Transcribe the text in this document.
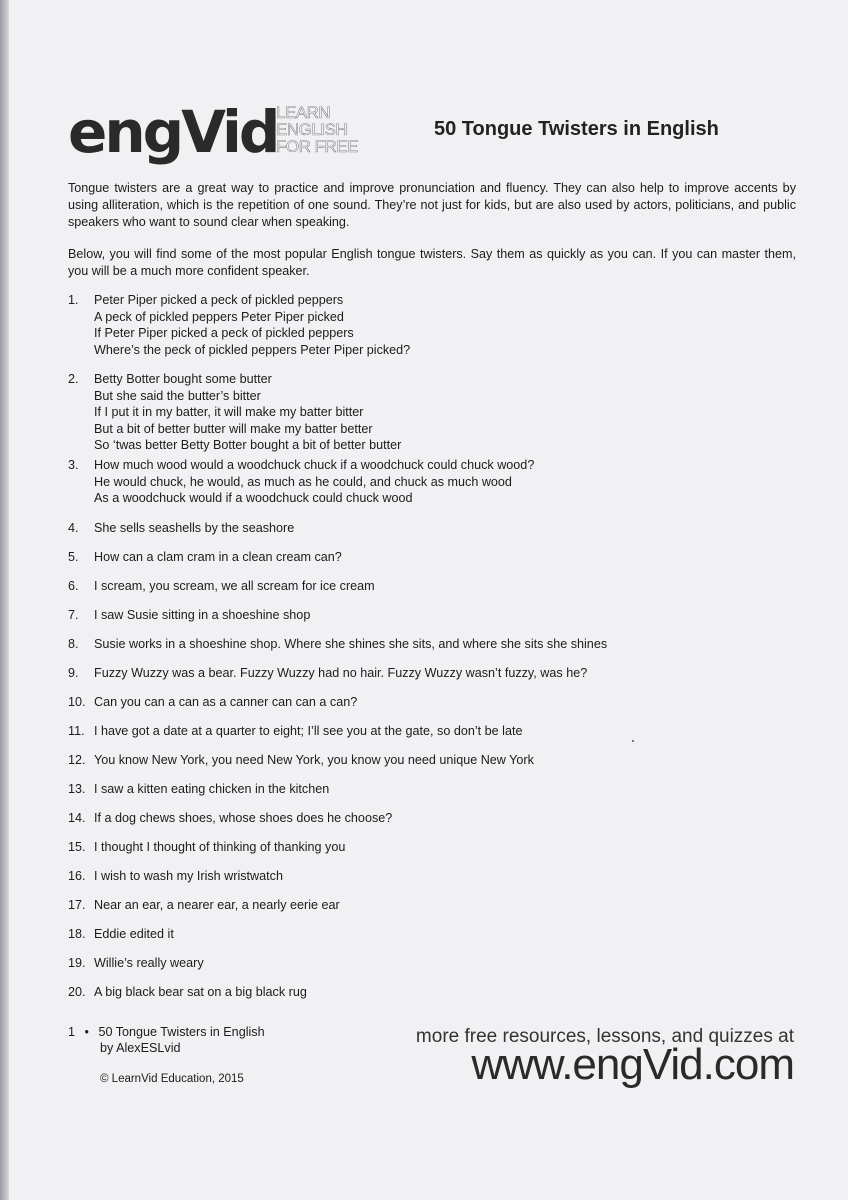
engVid
LEARN
ENGLISH
FOR FREE
50 Tongue Twisters in English

Tongue twisters are a great way to practice and improve pronunciation and fluency. They can also help to improve accents by using alliteration, which is the repetition of one sound. They’re not just for kids, but are also used by actors, politicians, and public speakers who want to sound clear when speaking.

Below, you will find some of the most popular English tongue twisters. Say them as quickly as you can. If you can master them, you will be a much more confident speaker.

1.	Peter Piper picked a peck of pickled peppers
A peck of pickled peppers Peter Piper picked
If Peter Piper picked a peck of pickled peppers
Where’s the peck of pickled peppers Peter Piper picked?
2.	Betty Botter bought some butter
But she said the butter’s bitter
If I put it in my batter, it will make my batter bitter
But a bit of better butter will make my batter better
So ‘twas better Betty Botter bought a bit of better butter
3.	How much wood would a woodchuck chuck if a woodchuck could chuck wood?
He would chuck, he would, as much as he could, and chuck as much wood
As a woodchuck would if a woodchuck could chuck wood
4.	She sells seashells by the seashore
5.	How can a clam cram in a clean cream can?
6.	I scream, you scream, we all scream for ice cream
7.	I saw Susie sitting in a shoeshine shop
8.	Susie works in a shoeshine shop. Where she shines she sits, and where she sits she shines
9.	Fuzzy Wuzzy was a bear. Fuzzy Wuzzy had no hair. Fuzzy Wuzzy wasn’t fuzzy, was he?
10. Can you can a can as a canner can can a can?
11. I have got a date at a quarter to eight; I’ll see you at the gate, so don’t be late
12. You know New York, you need New York, you know you need unique New York
13. I saw a kitten eating chicken in the kitchen
14. If a dog chews shoes, whose shoes does he choose?
15. I thought I thought of thinking of thanking you
16. I wish to wash my Irish wristwatch
17. Near an ear, a nearer ear, a nearly eerie ear
18. Eddie edited it
19. Willie’s really weary
20. A big black bear sat on a big black rug
1 • 50 Tongue Twisters in English
by AlexESLvid
© LearnVid Education, 2015
more free resources, lessons, and quizzes at
www.engVid.com
